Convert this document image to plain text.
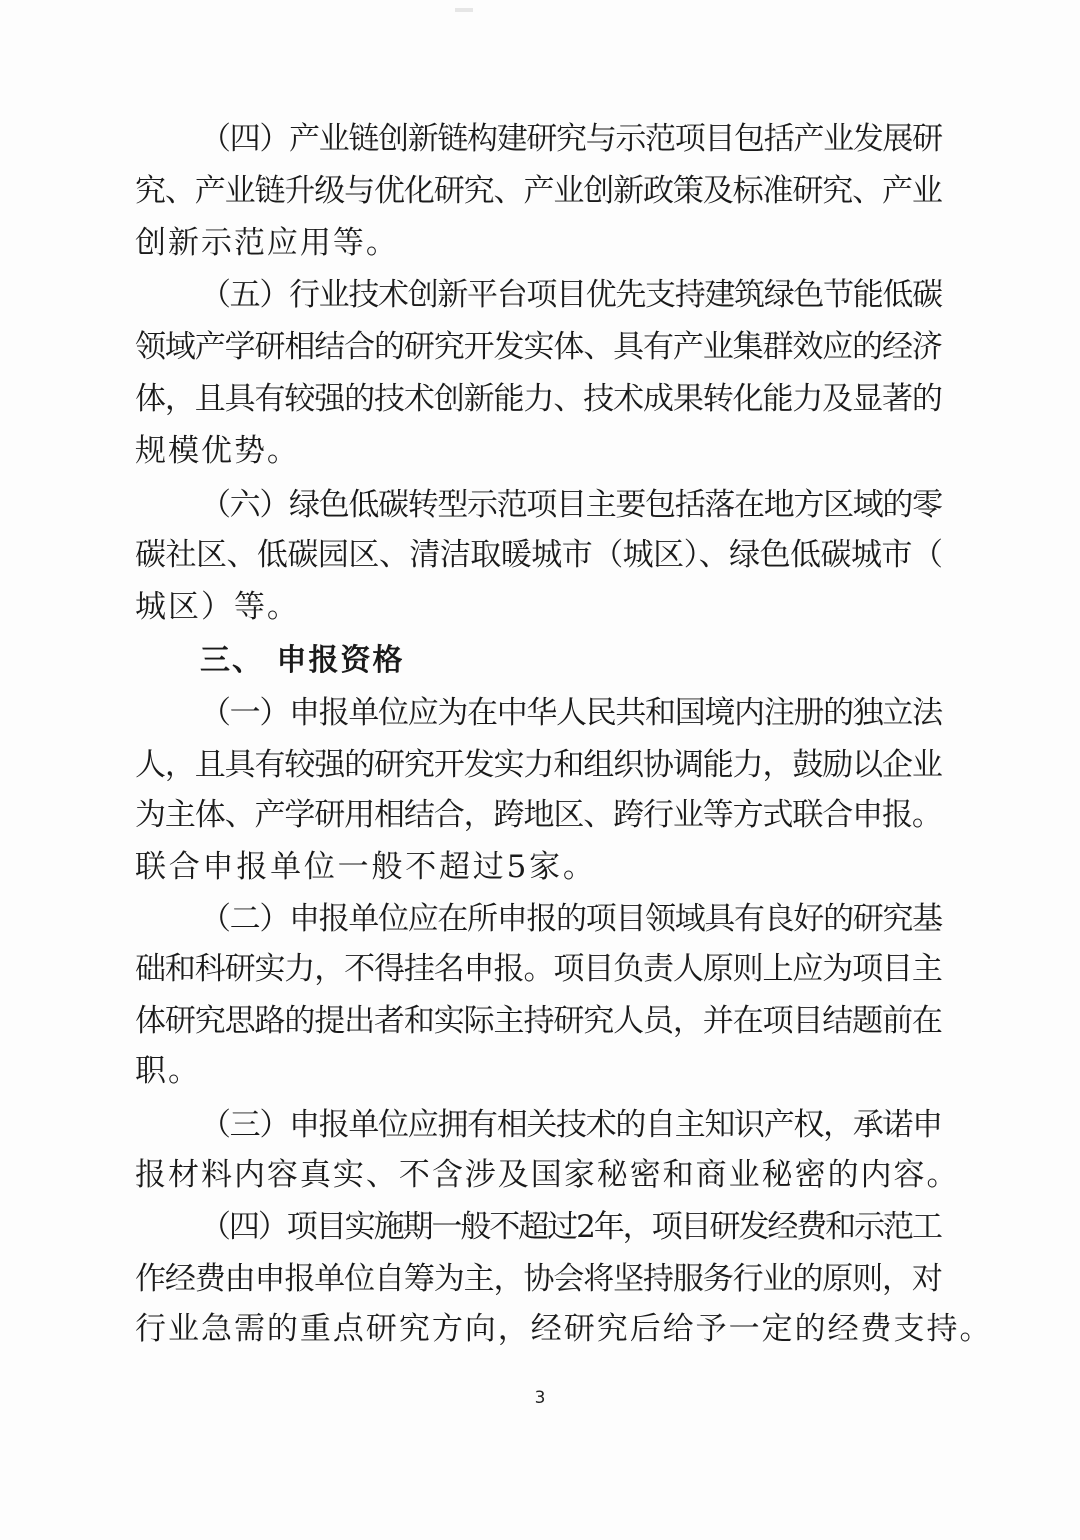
（四）产业链创新链构建研究与示范项目包括产业发展研
究、产业链升级与优化研究、产业创新政策及标准研究、产业
创新示范应用等。
（五）行业技术创新平台项目优先支持建筑绿色节能低碳
领域产学研相结合的研究开发实体、具有产业集群效应的经济
体，且具有较强的技术创新能力、技术成果转化能力及显著的
规模优势。
（六）绿色低碳转型示范项目主要包括落在地方区域的零
碳社区、低碳园区、清洁取暖城市（城区）、绿色低碳城市（
城区）等。
三、 申报资格
（一）申报单位应为在中华人民共和国境内注册的独立法
人，且具有较强的研究开发实力和组织协调能力，鼓励以企业
为主体、产学研用相结合，跨地区、跨行业等方式联合申报。
联合申报单位一般不超过5家。
（二）申报单位应在所申报的项目领域具有良好的研究基
础和科研实力，不得挂名申报。项目负责人原则上应为项目主
体研究思路的提出者和实际主持研究人员，并在项目结题前在
职。
（三）申报单位应拥有相关技术的自主知识产权，承诺申
报材料内容真实、不含涉及国家秘密和商业秘密的内容。
（四）项目实施期一般不超过2年，项目研发经费和示范工
作经费由申报单位自筹为主，协会将坚持服务行业的原则，对
行业急需的重点研究方向，经研究后给予一定的经费支持。
3
